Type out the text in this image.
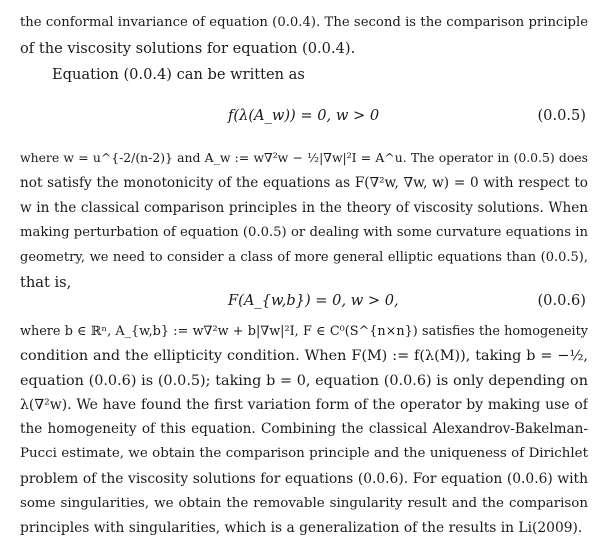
the conformal invariance of equation (0.0.4). The second is the comparison principle
of the viscosity solutions for equation (0.0.4).
Equation (0.0.4) can be written as
f(λ(A_w)) = 0, w > 0	(0.0.5)
where w = u^{-2/(n-2)} and A_w := w∇²w − ½|∇w|²I = A^u. The operator in (0.0.5) does
not satisfy the monotonicity of the equations as F(∇²w, ∇w, w) = 0 with respect to
w in the classical comparison principles in the theory of viscosity solutions. When
making perturbation of equation (0.0.5) or dealing with some curvature equations in
geometry, we need to consider a class of more general elliptic equations than (0.0.5),
that is,
F(A_{w,b}) = 0, w > 0,	(0.0.6)
where b ∈ ℝⁿ, A_{w,b} := w∇²w + b|∇w|²I, F ∈ C⁰(S^{n×n}) satisfies the homogeneity
condition and the ellipticity condition. When F(M) := f(λ(M)), taking b = −½,
equation (0.0.6) is (0.0.5); taking b = 0, equation (0.0.6) is only depending on
λ(∇²w). We have found the first variation form of the operator by making use of
the homogeneity of this equation. Combining the classical Alexandrov-Bakelman-
Pucci estimate, we obtain the comparison principle and the uniqueness of Dirichlet
problem of the viscosity solutions for equations (0.0.6). For equation (0.0.6) with
some singularities, we obtain the removable singularity result and the comparison
principles with singularities, which is a generalization of the results in Li(2009).
